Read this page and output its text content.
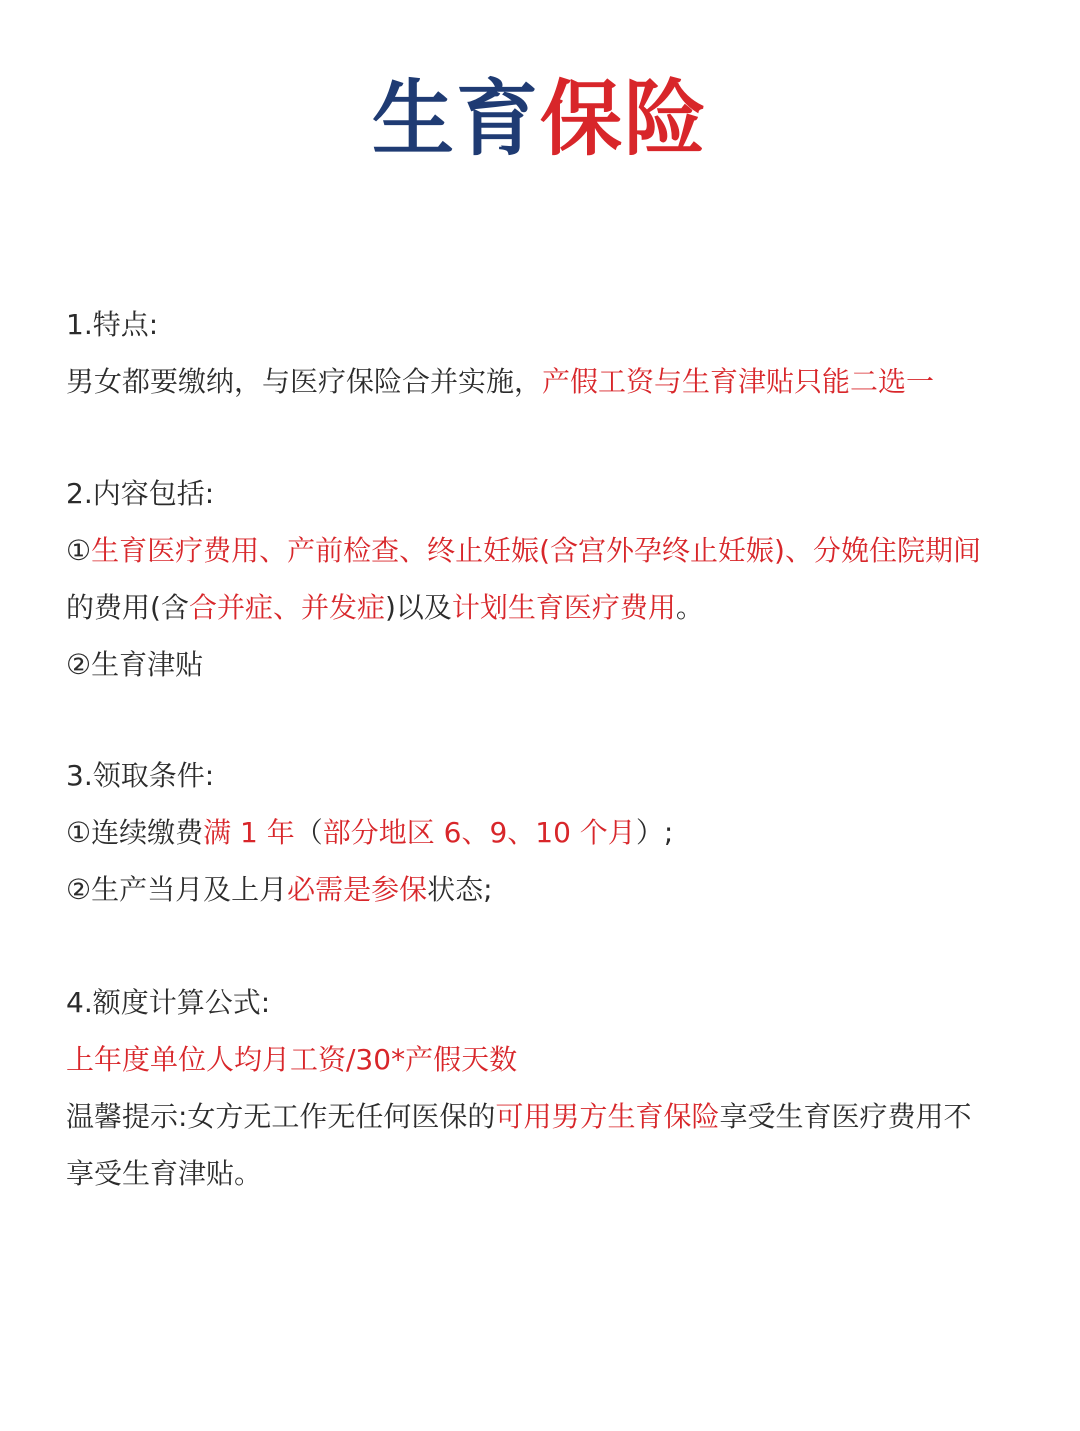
生育保险
1.特点:
男女都要缴纳，与医疗保险合并实施，产假工资与生育津贴只能二选一
2.内容包括:
①生育医疗费用、产前检查、终止妊娠(含宫外孕终止妊娠)、分娩住院期间
的费用(含合并症、并发症)以及计划生育医疗费用。
②生育津贴
3.领取条件:
①连续缴费满 1 年（部分地区 6、9、10 个月）;
②生产当月及上月必需是参保状态;
4.额度计算公式:
上年度单位人均月工资/30*产假天数
温馨提示:女方无工作无任何医保的可用男方生育保险享受生育医疗费用不
享受生育津贴。
